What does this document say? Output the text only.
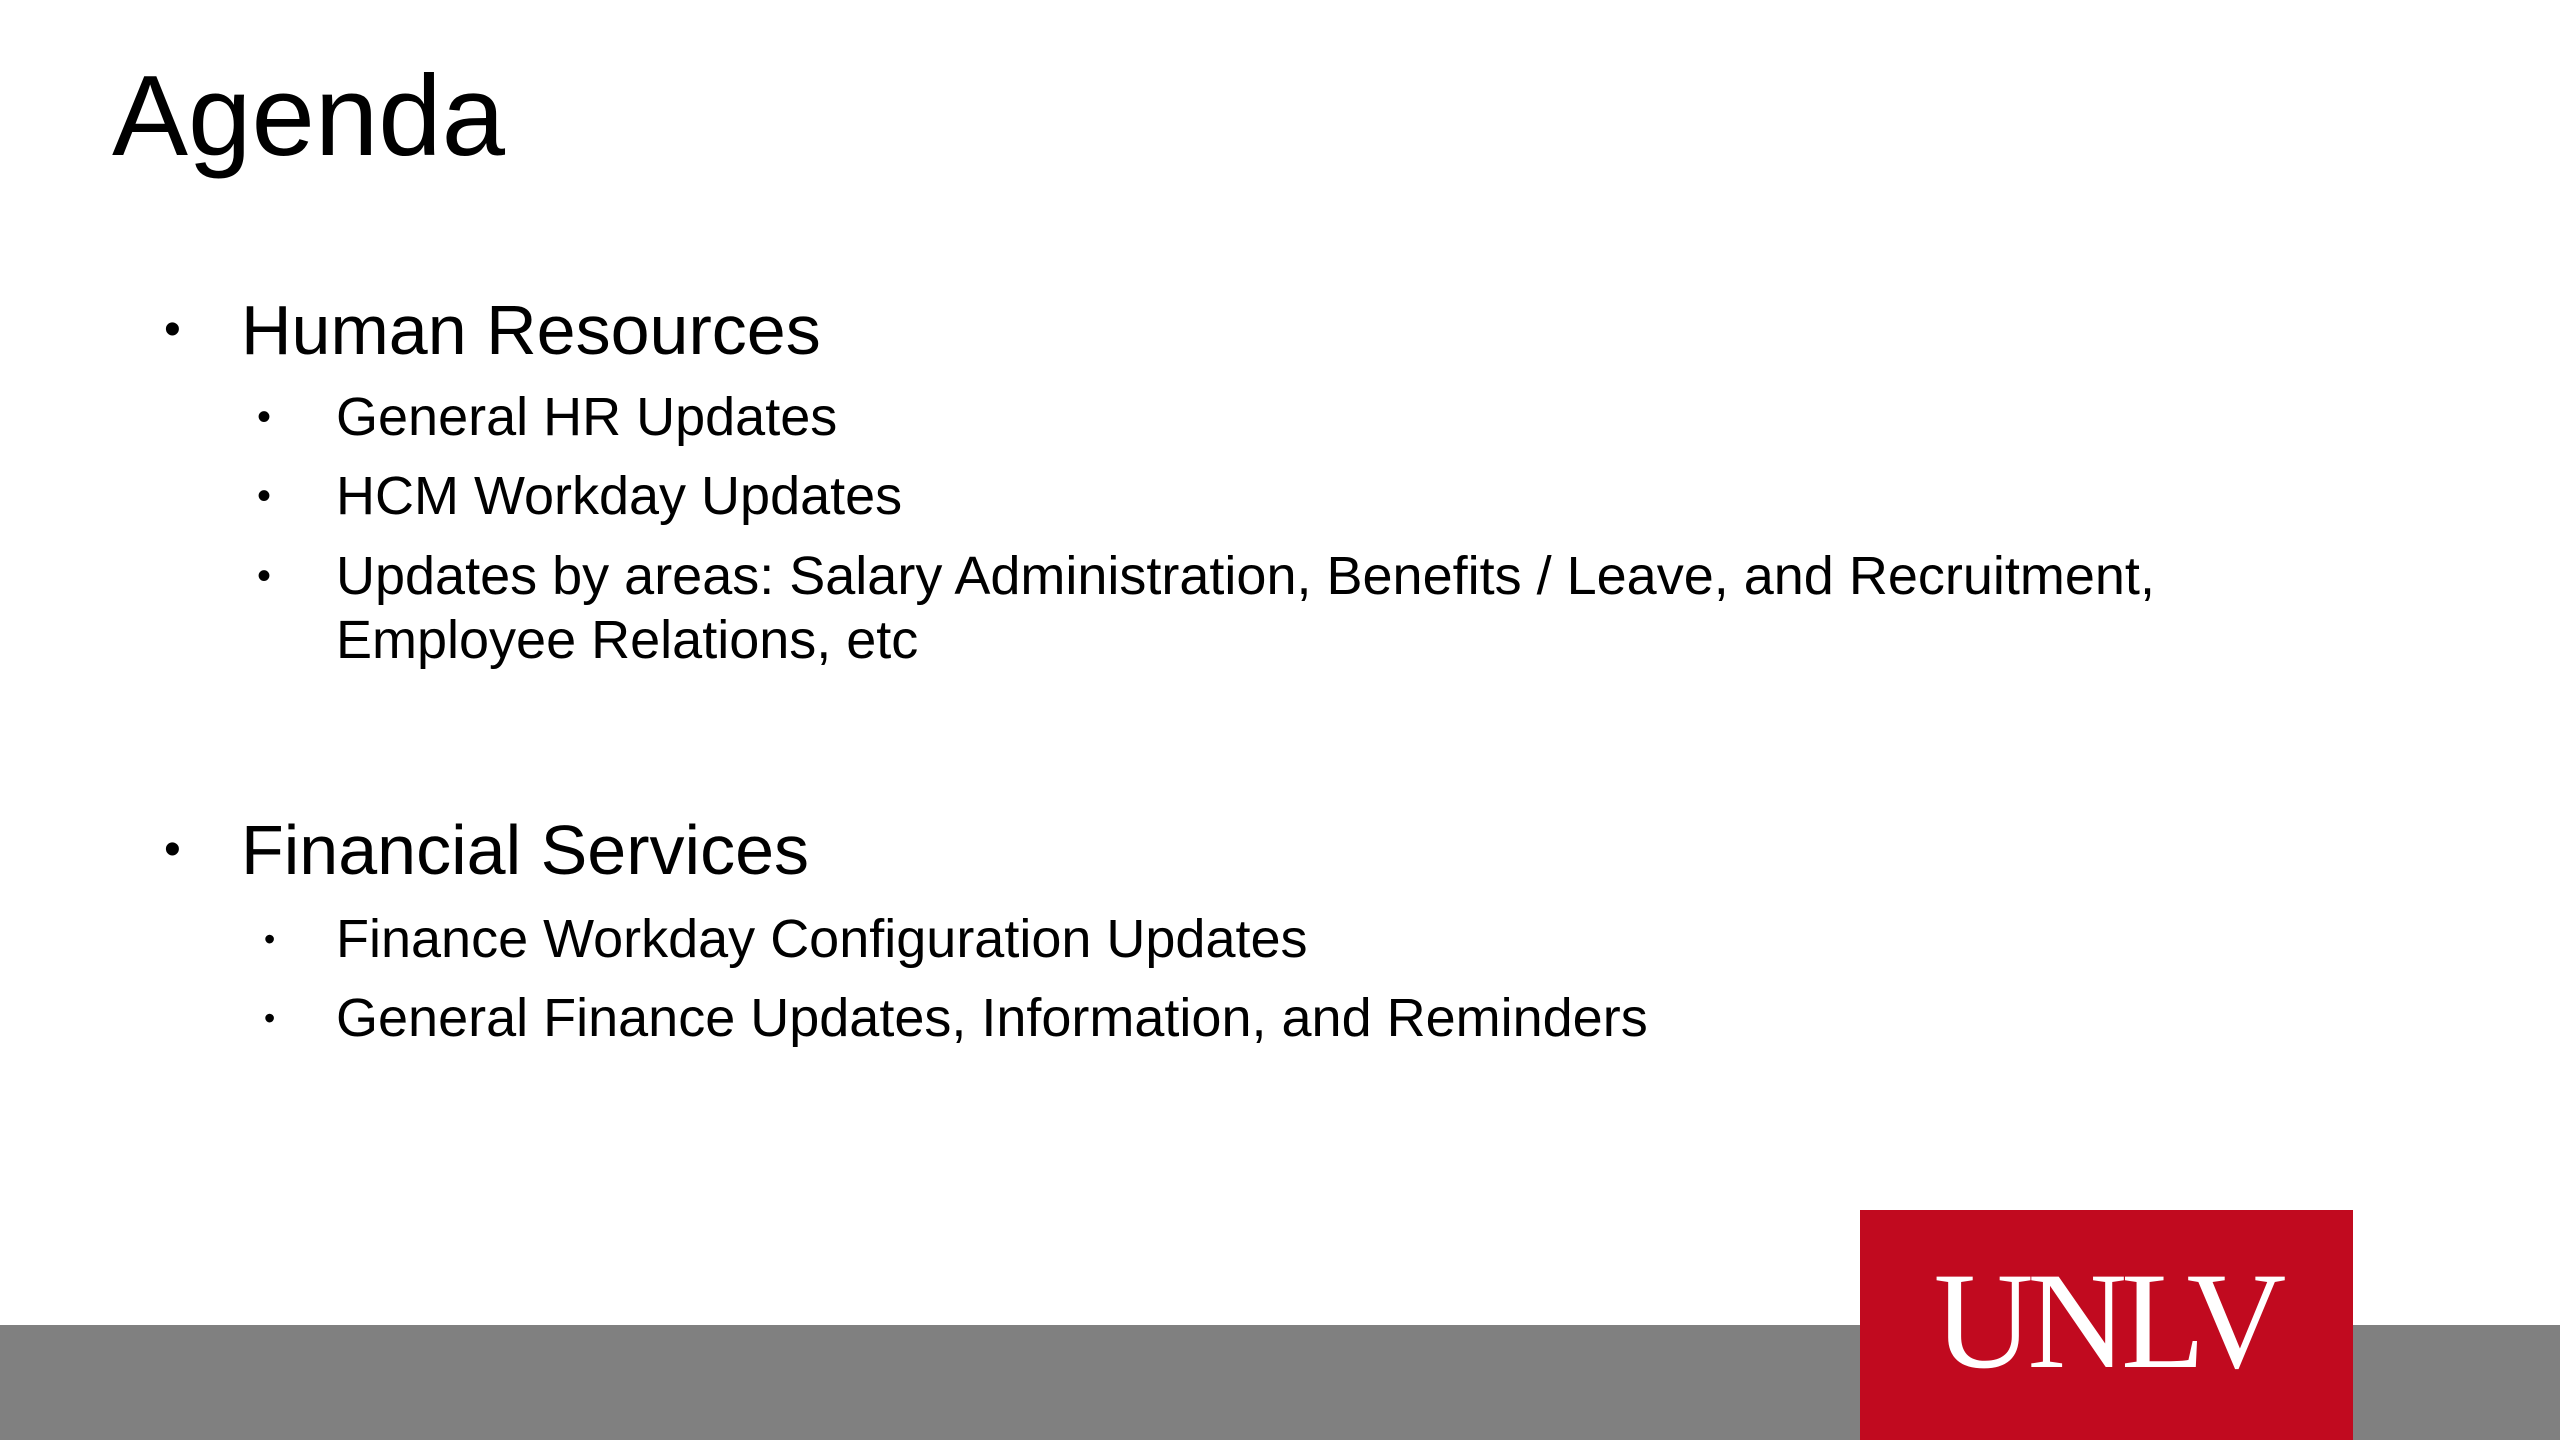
Agenda
• Human Resources
• General HR Updates
• HCM Workday Updates
• Updates by areas: Salary Administration, Benefits / Leave, and Recruitment, Employee Relations, etc
• Financial Services
• Finance Workday Configuration Updates
• General Finance Updates, Information, and Reminders
UNLV
